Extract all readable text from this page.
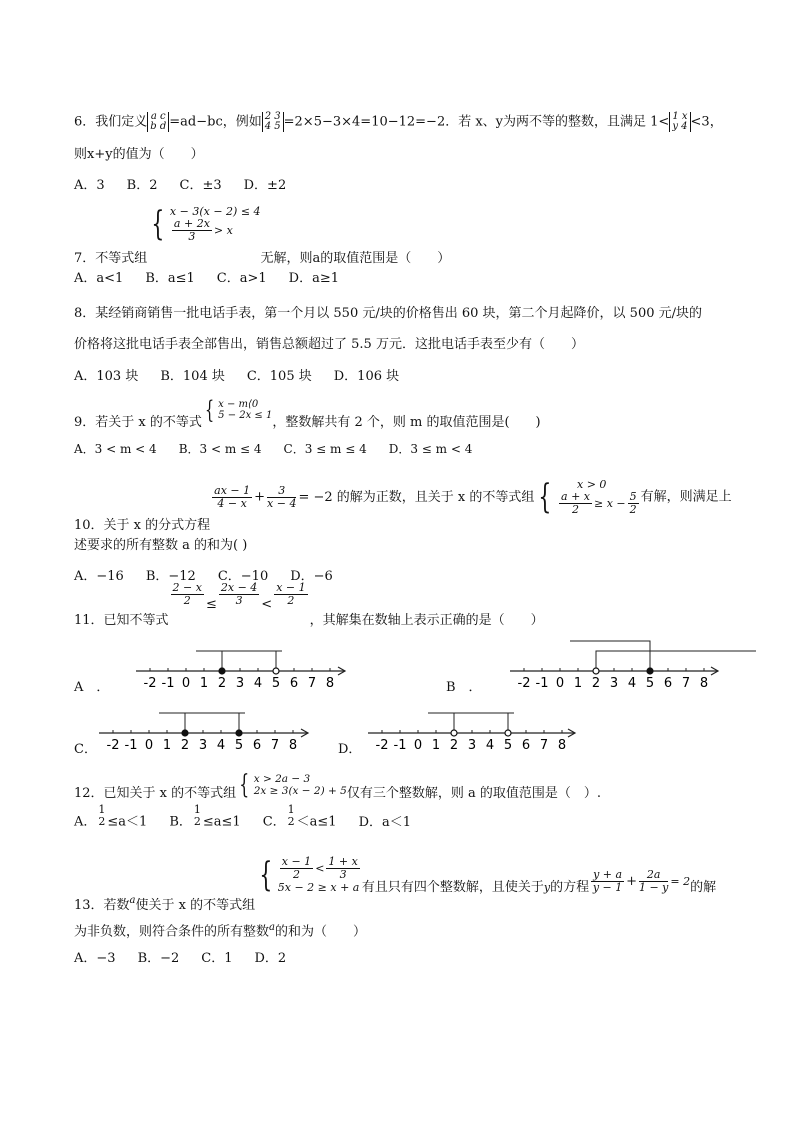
6．我们定义 a c
b d =ad−bc，例如 2 3
4 5 =2×5−3×4=10−12=−2．若 x、y为两不等的整数，且满足 1< 1 x
y 4 <3，
则x+y的值为（　　）
A．3 B．2 C．±3 D．±2
7．不等式组
{ x − 3(x − 2) ≤ 4
$\frac{a + 2x}{3} > x$
无解，则a的取值范围是（　　）
A．a<1 B．a≤1 C．a>1 D．a≥1
8．某经销商销售一批电话手表，第一个月以 550 元/块的价格售出 60 块，第二个月起降价，以 500 元/块的
价格将这批电话手表全部售出，销售总额超过了 5.5 万元．这批电话手表至少有（　　）
A．103 块 B．104 块 C．105 块 D．106 块
9．若关于 x 的不等式 { x − m⟨0
5 − 2x ≤ 1 ，整数解共有 2 个，则 m 的取值范围是(　　)
A．3 < m < 4 B．3 < m ≤ 4 C．3 ≤ m ≤ 4 D．3 ≤ m < 4
10．关于 x 的分式方程
$\frac{ax - 1}{4 - x} + \frac{3}{x - 4} = -2$ 的解为正数，且关于 x 的不等式组 {	x > 0
$\frac{a + x}{2} \ge x - \frac{5}{2}$ 有解，则满足上
述要求的所有整数 a 的和为( )
A．−16 B．−12 C．−10 D．−6
11．已知不等式
$\frac{2 - x}{2} \le \frac{2x - 4}{3} < \frac{x - 1}{2}$
，其解集在数轴上表示正确的是（　　）
A　．	B　．
C．	D．
-2 -1 0 1 2 3 4 5 6 7 8	-2 -1 0 1 2 3 4 5 6 7 8
-2 -1 0 1 2 3 4 5 6 7 8	-2 -1 0 1 2 3 4 5 6 7 8
12．已知关于 x 的不等式组 { x > 2a − 3
2x ≥ 3(x − 2) + 5 仅有三个整数解，则 a 的取值范围是（　）.
A．
1
2 ≤a＜1 B．
1
2 ≤a≤1 C．
1
2 ＜a≤1 D．a＜1
13．若数$_a$使关于 x 的不等式组
{ $\frac{x - 1}{2} < \frac{1 + x}{3}$
5x − 2 ≥ x + a 有且只有四个整数解，且使关于$_y$的方程 $\frac{y + a}{y - 1} + \frac{2a}{1 - y} _{= 2}$的解
为非负数，则符合条件的所有整数$^a$的和为（　　）
A．−3 B．−2 C．1 D．2
